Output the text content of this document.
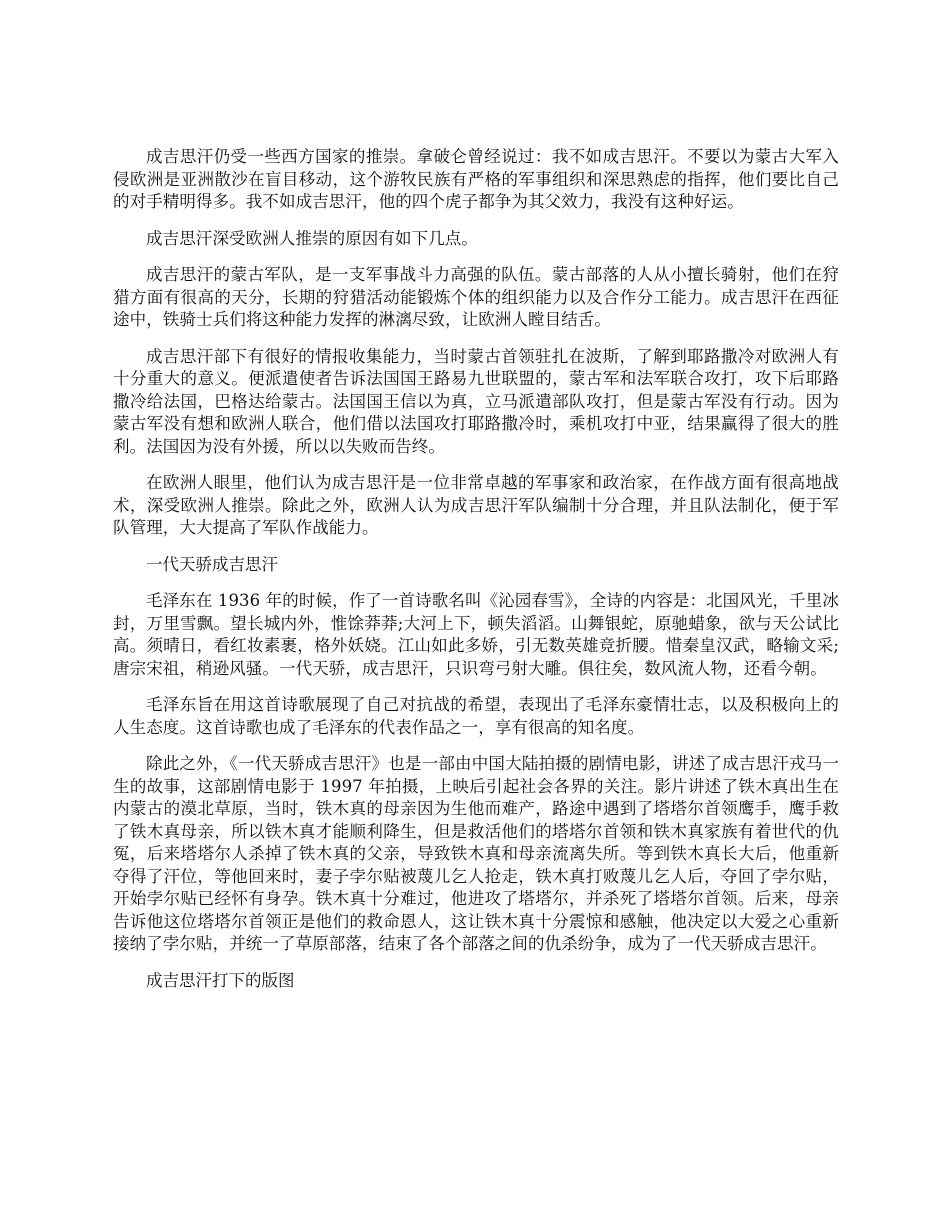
成吉思汗仍受一些西方国家的推崇。拿破仑曾经说过：我不如成吉思汗。不要以为蒙古大军入侵欧洲是亚洲散沙在盲目移动，这个游牧民族有严格的军事组织和深思熟虑的指挥，他们要比自己的对手精明得多。我不如成吉思汗，他的四个虎子都争为其父效力，我没有这种好运。

成吉思汗深受欧洲人推崇的原因有如下几点。

成吉思汗的蒙古军队，是一支军事战斗力高强的队伍。蒙古部落的人从小擅长骑射，他们在狩猎方面有很高的天分，长期的狩猎活动能锻炼个体的组织能力以及合作分工能力。成吉思汗在西征途中，铁骑士兵们将这种能力发挥的淋漓尽致，让欧洲人瞠目结舌。

成吉思汗部下有很好的情报收集能力，当时蒙古首领驻扎在波斯，了解到耶路撒冷对欧洲人有十分重大的意义。便派遣使者告诉法国国王路易九世联盟的，蒙古军和法军联合攻打，攻下后耶路撒冷给法国，巴格达给蒙古。法国国王信以为真，立马派遣部队攻打，但是蒙古军没有行动。因为蒙古军没有想和欧洲人联合，他们借以法国攻打耶路撒冷时，乘机攻打中亚，结果赢得了很大的胜利。法国因为没有外援，所以以失败而告终。

在欧洲人眼里，他们认为成吉思汗是一位非常卓越的军事家和政治家，在作战方面有很高地战术，深受欧洲人推崇。除此之外，欧洲人认为成吉思汗军队编制十分合理，并且队法制化，便于军队管理，大大提高了军队作战能力。

一代天骄成吉思汗

毛泽东在 1936 年的时候，作了一首诗歌名叫《沁园春雪》，全诗的内容是：北国风光，千里冰封，万里雪飘。望长城内外，惟馀莽莽;大河上下，顿失滔滔。山舞银蛇，原驰蜡象，欲与天公试比高。须晴日，看红妆素裹，格外妖娆。江山如此多娇，引无数英雄竞折腰。惜秦皇汉武，略输文采;唐宗宋祖，稍逊风骚。一代天骄，成吉思汗，只识弯弓射大雕。俱往矣，数风流人物，还看今朝。

毛泽东旨在用这首诗歌展现了自己对抗战的希望，表现出了毛泽东豪情壮志，以及积极向上的人生态度。这首诗歌也成了毛泽东的代表作品之一，享有很高的知名度。

除此之外，《一代天骄成吉思汗》也是一部由中国大陆拍摄的剧情电影，讲述了成吉思汗戎马一生的故事，这部剧情电影于 1997 年拍摄，上映后引起社会各界的关注。影片讲述了铁木真出生在内蒙古的漠北草原，当时，铁木真的母亲因为生他而难产，路途中遇到了塔塔尔首领鹰手，鹰手救了铁木真母亲，所以铁木真才能顺利降生，但是救活他们的塔塔尔首领和铁木真家族有着世代的仇冤，后来塔塔尔人杀掉了铁木真的父亲，导致铁木真和母亲流离失所。等到铁木真长大后，他重新夺得了汗位，等他回来时，妻子孛尔贴被蔑儿乞人抢走，铁木真打败蔑儿乞人后，夺回了孛尔贴，开始孛尔贴已经怀有身孕。铁木真十分难过，他进攻了塔塔尔，并杀死了塔塔尔首领。后来，母亲告诉他这位塔塔尔首领正是他们的救命恩人，这让铁木真十分震惊和感触，他决定以大爱之心重新接纳了孛尔贴，并统一了草原部落，结束了各个部落之间的仇杀纷争，成为了一代天骄成吉思汗。

成吉思汗打下的版图
